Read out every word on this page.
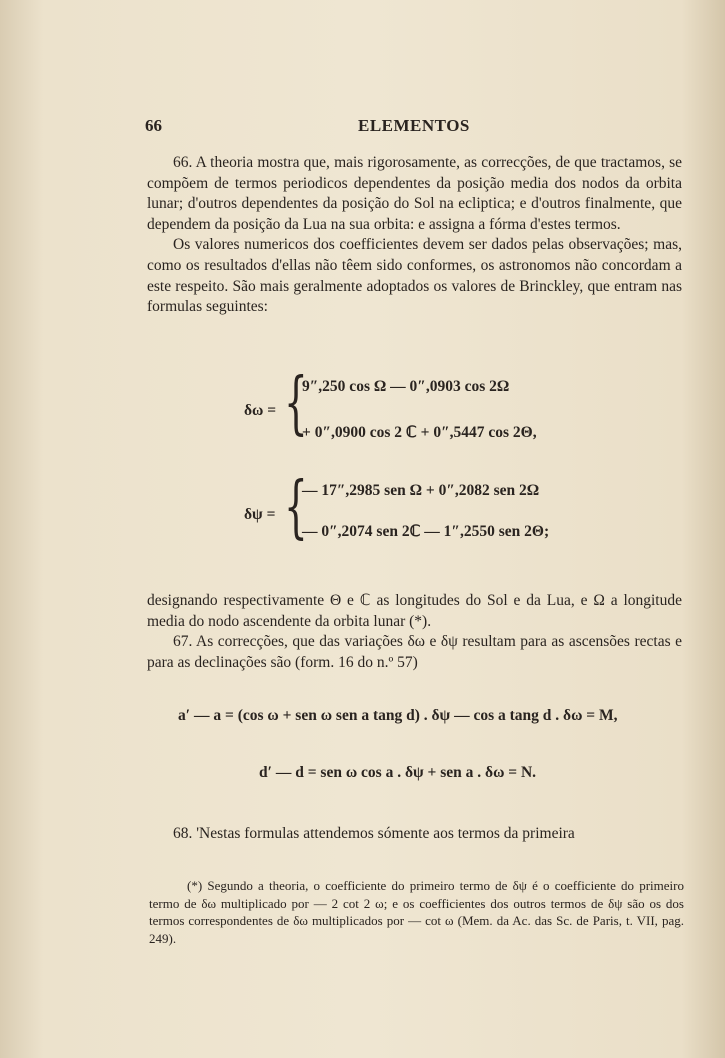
66	ELEMENTOS

66. A theoria mostra que, mais rigorosamente, as correcções, de que tractamos, se compõem de termos periodicos dependentes da posição media dos nodos da orbita lunar; d'outros dependentes da posição do Sol na ecliptica; e d'outros finalmente, que dependem da posição da Lua na sua orbita: e assigna a fórma d'estes termos.

Os valores numericos dos coefficientes devem ser dados pelas observações; mas, como os resultados d'ellas não têem sido conformes, os astronomos não concordam a este respeito. São mais geralmente adoptados os valores de Brinckley, que entram nas formulas seguintes:

δω = {
9″,250 cos Ω — 0″,0903 cos 2Ω
+ 0″,0900 cos 2 ℂ + 0″,5447 cos 2Θ,
δψ = {
— 17″,2985 sen Ω + 0″,2082 sen 2Ω
— 0″,2074 sen 2ℂ — 1″,2550 sen 2Θ;

designando respectivamente Θ e ℂ as longitudes do Sol e da Lua, e Ω a longitude media do nodo ascendente da orbita lunar (*).

67. As correcções, que das variações δω e δψ resultam para as ascensões rectas e para as declinações são (form. 16 do n.º 57)

a′ — a = (cos ω + sen ω sen a tang d) . δψ — cos a tang d . δω = M,
d′ — d = sen ω cos a . δψ + sen a . δω = N.

68. 'Nestas formulas attendemos sómente aos termos da primeira

(*) Segundo a theoria, o coefficiente do primeiro termo de δψ é o coefficiente do primeiro termo de δω multiplicado por — 2 cot 2 ω; e os coefficientes dos outros termos de δψ são os dos termos correspondentes de δω multiplicados por — cot ω (Mem. da Ac. das Sc. de Paris, t. VII, pag. 249).
